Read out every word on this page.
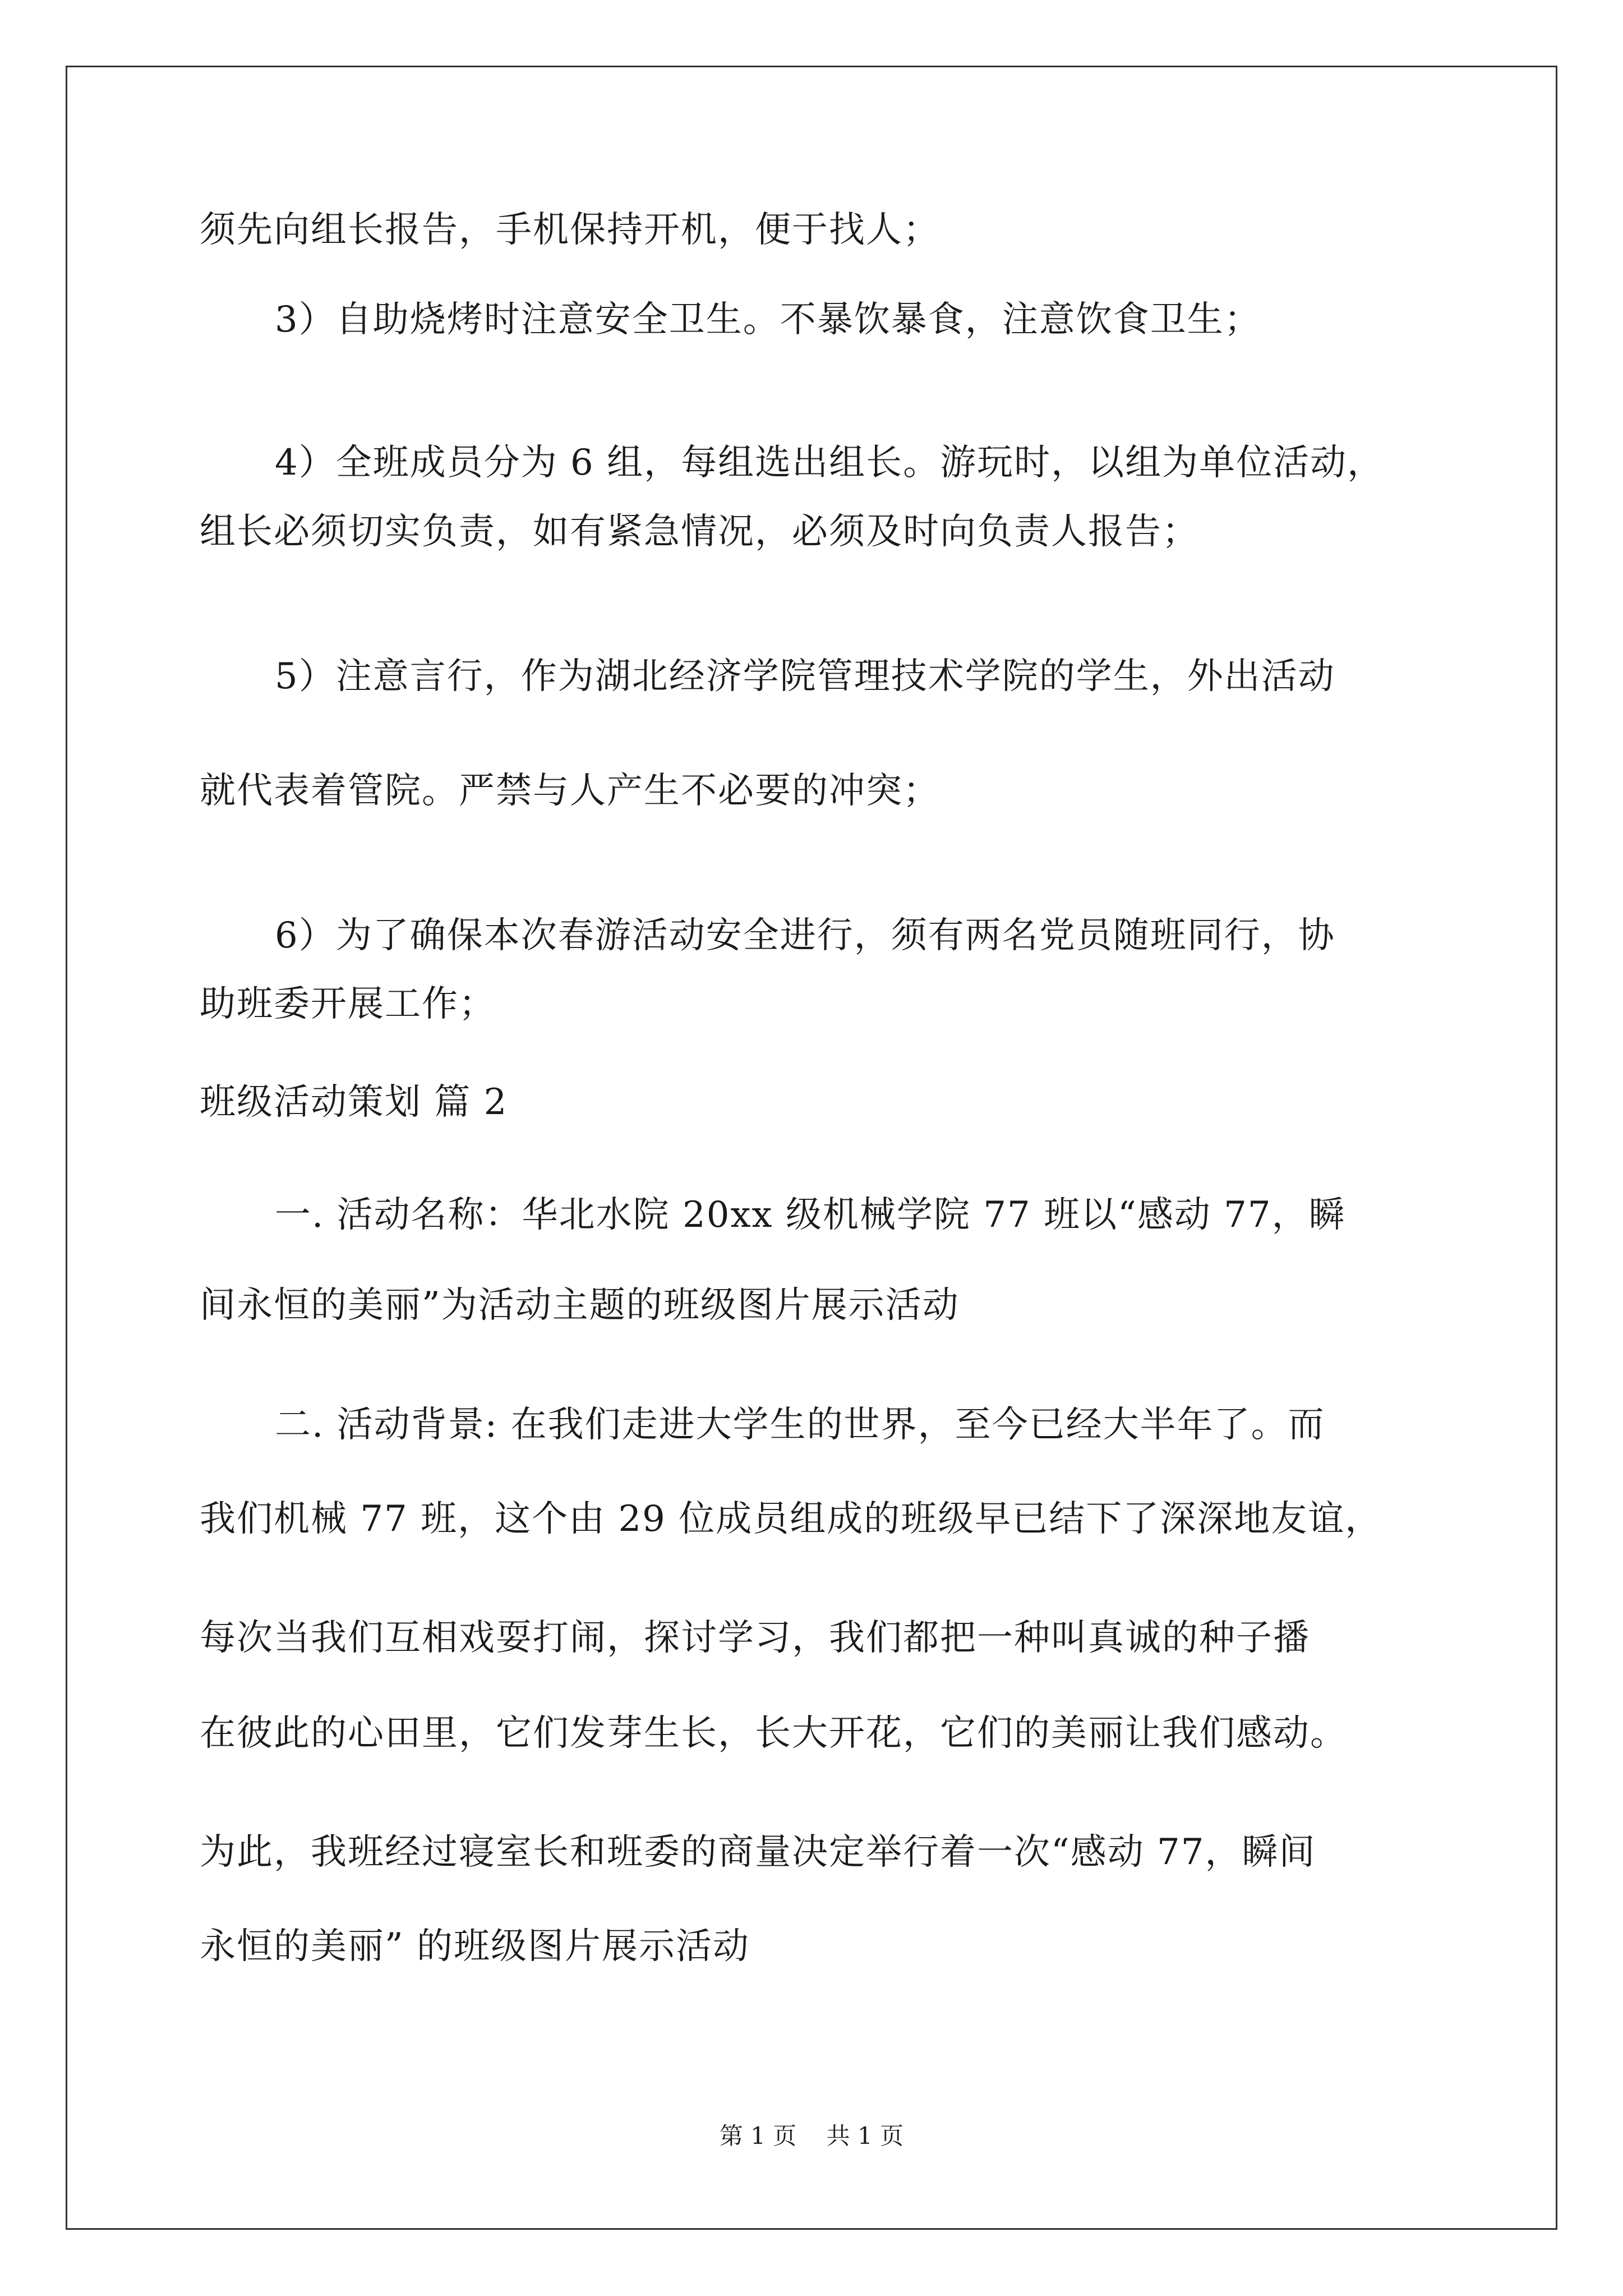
须先向组长报告，手机保持开机，便于找人；
3）自助烧烤时注意安全卫生。不暴饮暴食，注意饮食卫生；
4）全班成员分为 6 组，每组选出组长。游玩时，以组为单位活动，
组长必须切实负责，如有紧急情况，必须及时向负责人报告；
5）注意言行，作为湖北经济学院管理技术学院的学生，外出活动
就代表着管院。严禁与人产生不必要的冲突；
6）为了确保本次春游活动安全进行，须有两名党员随班同行，协
助班委开展工作；
班级活动策划 篇 2
一. 活动名称：华北水院 20xx 级机械学院 77 班以“感动 77，瞬
间永恒的美丽”为活动主题的班级图片展示活动
二. 活动背景: 在我们走进大学生的世界，至今已经大半年了。而
我们机械 77 班，这个由 29 位成员组成的班级早已结下了深深地友谊，
每次当我们互相戏耍打闹，探讨学习，我们都把一种叫真诚的种子播
在彼此的心田里，它们发芽生长，长大开花，它们的美丽让我们感动。
为此，我班经过寝室长和班委的商量决定举行着一次“感动 77，瞬间
永恒的美丽” 的班级图片展示活动
第 1 页 共 1 页
